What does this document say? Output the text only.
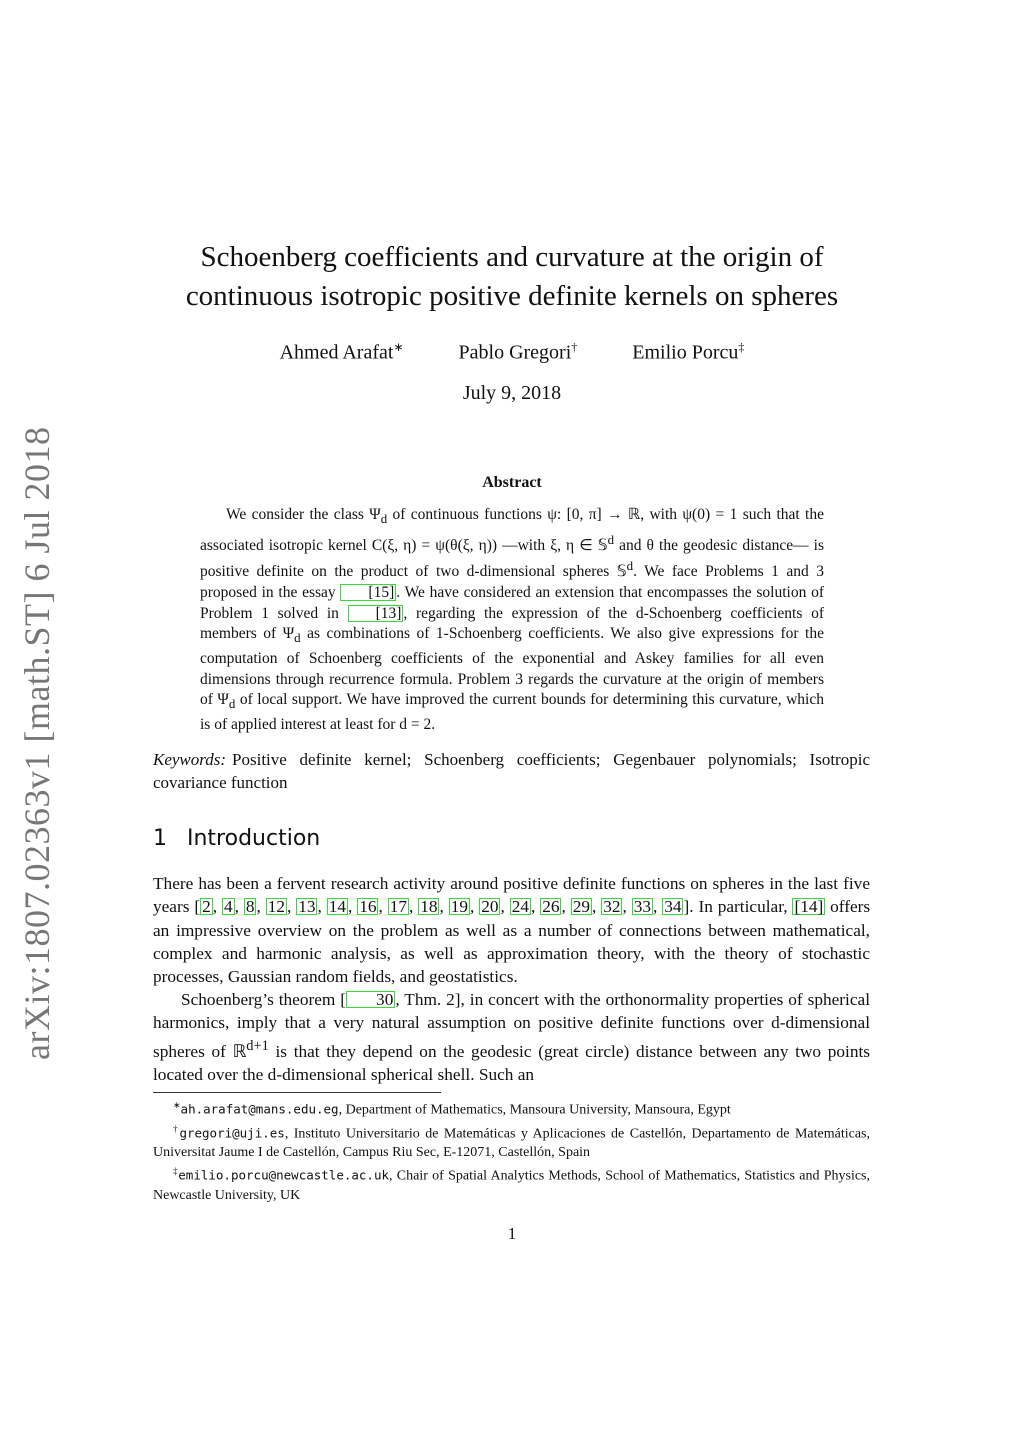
arXiv:1807.02363v1 [math.ST] 6 Jul 2018
Schoenberg coefficients and curvature at the origin of
continuous isotropic positive definite kernels on spheres
Ahmed Arafat∗	Pablo Gregori†	Emilio Porcu‡
July 9, 2018
Abstract
We consider the class $\Psi_d$ of continuous functions ψ: [0, π] → ℝ, with ψ(0) = 1 such that the associated isotropic kernel C(ξ, η) = ψ(θ(ξ, η)) —with ξ, η ∈ 𝕊$^d$ and θ the geodesic distance— is positive definite on the product of two d-dimensional spheres 𝕊$^d$. We face Problems 1 and 3 proposed in the essay [15] . We have considered an extension that encompasses the solution of Problem 1 solved in [13] , regarding the expression of the d-Schoenberg coefficients of members of $\Psi_d$ as combinations of 1-Schoenberg coefficients. We also give expressions for the computation of Schoenberg coefficients of the exponential and Askey families for all even dimensions through recurrence formula. Problem 3 regards the curvature at the origin of members of $\Psi_d$ of local support. We have improved the current bounds for determining this curvature, which is of applied interest at least for d = 2.
Keywords: Positive definite kernel; Schoenberg coefficients; Gegenbauer polynomials; Isotropic covariance function
1 Introduction
There has been a fervent research activity around positive definite functions on spheres in the last five years [ 2 , 4 , 8 , 12 , 13 , 14 , 16 , 17 , 18 , 19 , 20 , 24 , 26 , 29 , 32 , 33 , 34 ]. In particular, [14] offers an impressive overview on the problem as well as a number of connections between mathematical, complex and harmonic analysis, as well as approximation theory, with the theory of stochastic processes, Gaussian random fields, and geostatistics.
Schoenberg’s theorem [ 30 , Thm. 2], in concert with the orthonormality properties of spherical harmonics, imply that a very natural assumption on positive definite functions over d-dimensional spheres of ℝ$^{d+1}$ is that they depend on the geodesic (great circle) distance between any two points located over the d-dimensional spherical shell. Such an

∗ah.arafat@mans.edu.eg, Department of Mathematics, Mansoura University, Mansoura, Egypt

†gregori@uji.es, Instituto Universitario de Matemáticas y Aplicaciones de Castellón, Departamento de Matemáticas, Universitat Jaume I de Castellón, Campus Riu Sec, E-12071, Castellón, Spain

‡emilio.porcu@newcastle.ac.uk, Chair of Spatial Analytics Methods, School of Mathematics, Statistics and Physics, Newcastle University, UK

1
